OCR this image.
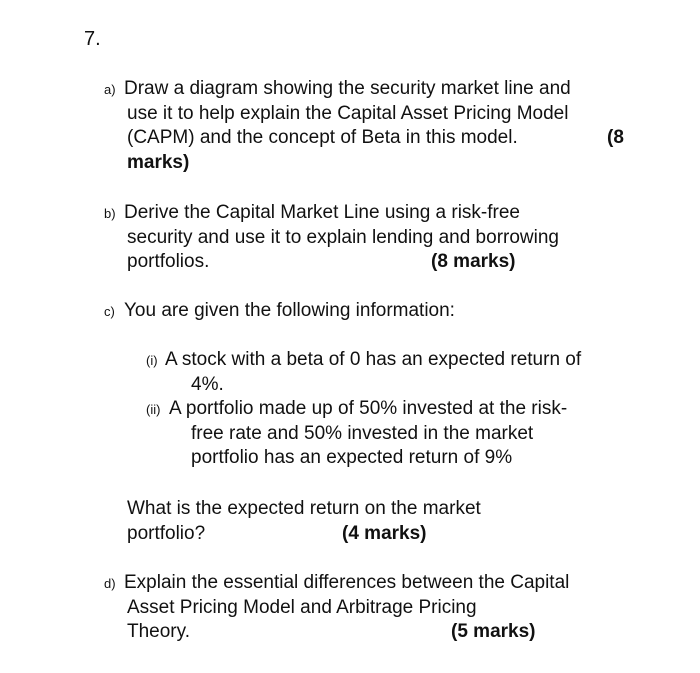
7.
a) Draw a diagram showing the security market line and
use it to help explain the Capital Asset Pricing Model
(CAPM) and the concept of Beta in this model.	(8
marks)
b) Derive the Capital Market Line using a risk-free
security and use it to explain lending and borrowing
portfolios.	(8 marks)
c) You are given the following information:
(i) A stock with a beta of 0 has an expected return of
4%.
(ii) A portfolio made up of 50% invested at the risk-
free rate and 50% invested in the market
portfolio has an expected return of 9%
What is the expected return on the market
portfolio?	(4 marks)
d) Explain the essential differences between the Capital
Asset Pricing Model and Arbitrage Pricing
Theory.	(5 marks)
